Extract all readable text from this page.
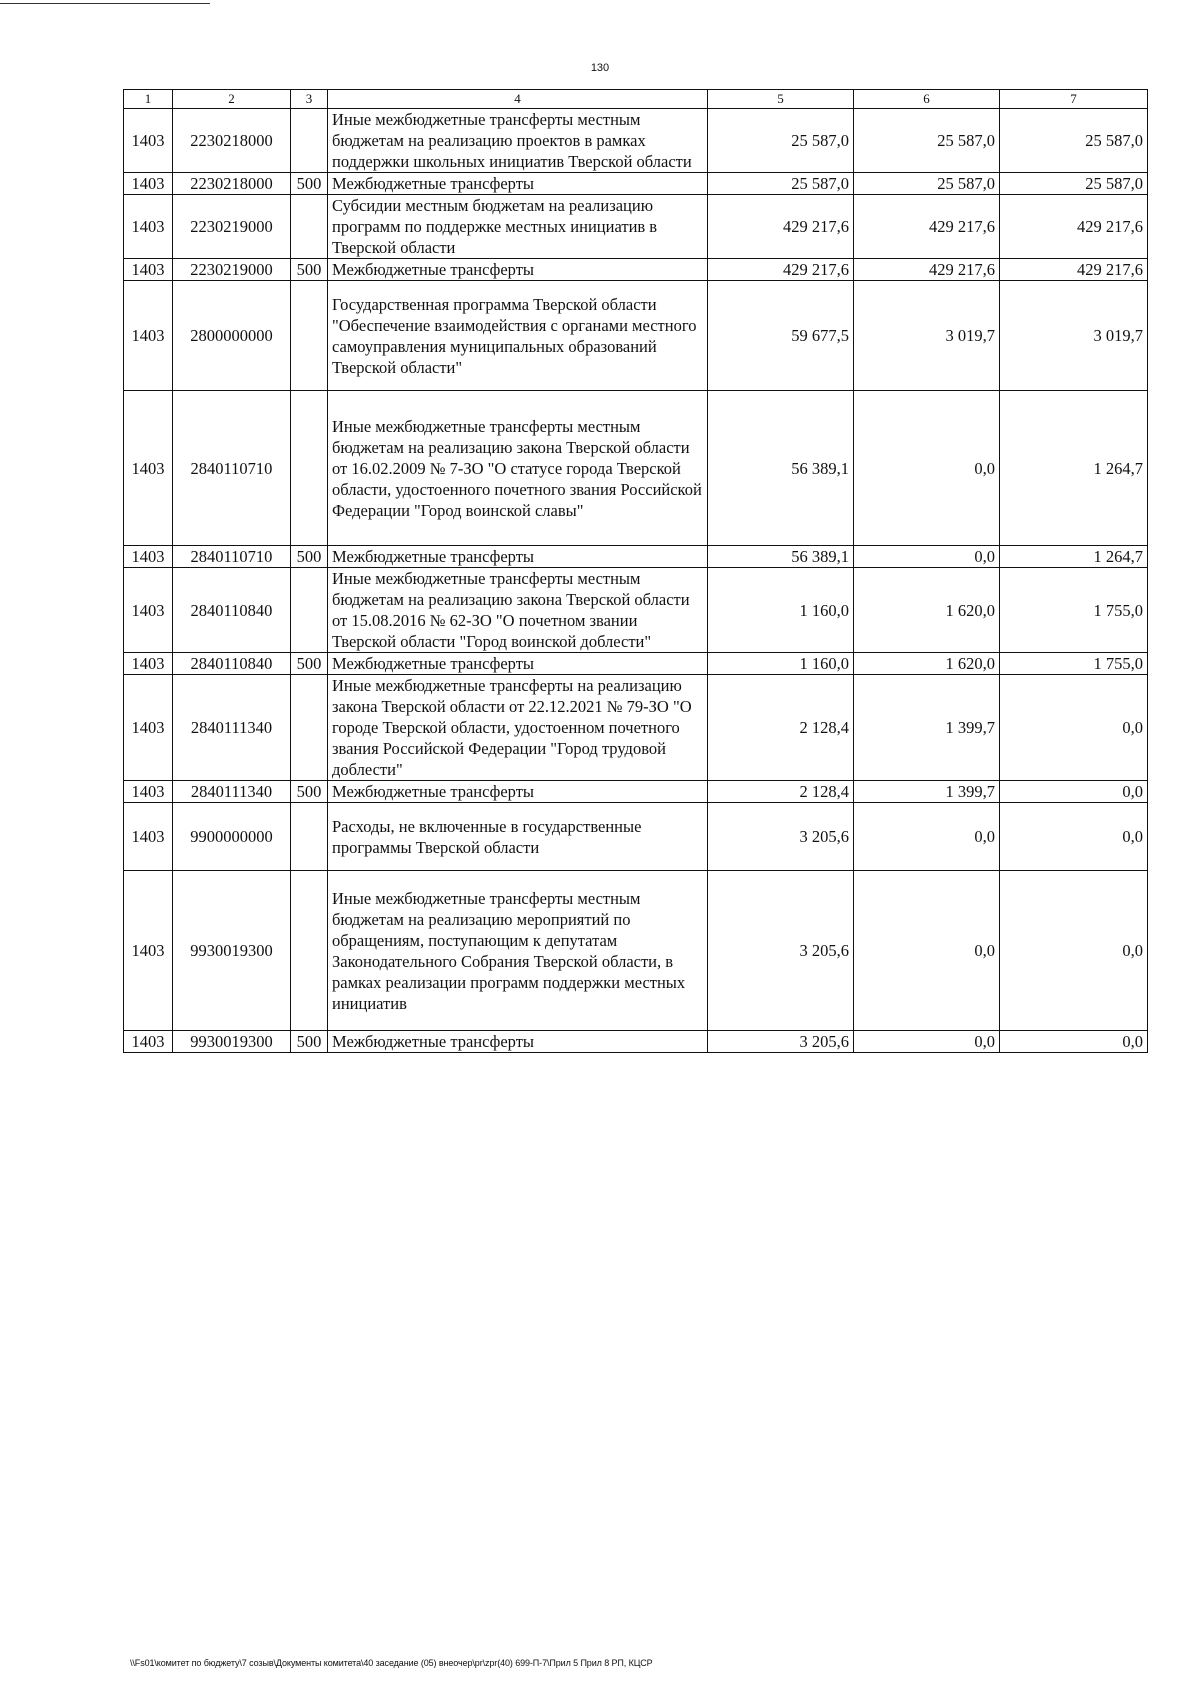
130
1	2	3	4	5	6	7
1403	2230218000		Иные межбюджетные трансферты местным бюджетам на реализацию проектов в рамках поддержки школьных инициатив Тверской области	25 587,0	25 587,0	25 587,0
1403	2230218000	500	Межбюджетные трансферты	25 587,0	25 587,0	25 587,0
1403	2230219000		Субсидии местным бюджетам на реализацию программ по поддержке местных инициатив в Тверской области	429 217,6	429 217,6	429 217,6
1403	2230219000	500	Межбюджетные трансферты	429 217,6	429 217,6	429 217,6
1403	2800000000		Государственная программа Тверской области "Обеспечение взаимодействия с органами местного самоуправления муниципальных образований Тверской области"	59 677,5	3 019,7	3 019,7
1403	2840110710		Иные межбюджетные трансферты местным бюджетам на реализацию закона Тверской области от 16.02.2009 № 7-ЗО "О статусе города Тверской области, удостоенного почетного звания Российской Федерации "Город воинской славы"	56 389,1	0,0	1 264,7
1403	2840110710	500	Межбюджетные трансферты	56 389,1	0,0	1 264,7
1403	2840110840		Иные межбюджетные трансферты местным бюджетам на реализацию закона Тверской области от 15.08.2016 № 62-ЗО "О почетном звании Тверской области "Город воинской доблести"	1 160,0	1 620,0	1 755,0
1403	2840110840	500	Межбюджетные трансферты	1 160,0	1 620,0	1 755,0
1403	2840111340		Иные межбюджетные трансферты на реализацию закона Тверской области от 22.12.2021 № 79-ЗО "О городе Тверской области, удостоенном почетного звания Российской Федерации "Город трудовой доблести"	2 128,4	1 399,7	0,0
1403	2840111340	500	Межбюджетные трансферты	2 128,4	1 399,7	0,0
1403	9900000000		Расходы, не включенные в государственные программы Тверской области	3 205,6	0,0	0,0
1403	9930019300		Иные межбюджетные трансферты местным бюджетам на реализацию мероприятий по обращениям, поступающим к депутатам Законодательного Собрания Тверской области, в рамках реализации программ поддержки местных инициатив	3 205,6	0,0	0,0
1403	9930019300	500	Межбюджетные трансферты	3 205,6	0,0	0,0
\\Fs01\комитет по бюджету\7 созыв\Документы комитета\40 заседание (05) внеочер\pr\zpr(40) 699-П-7\Прил 5 Прил 8 РП, КЦСР
